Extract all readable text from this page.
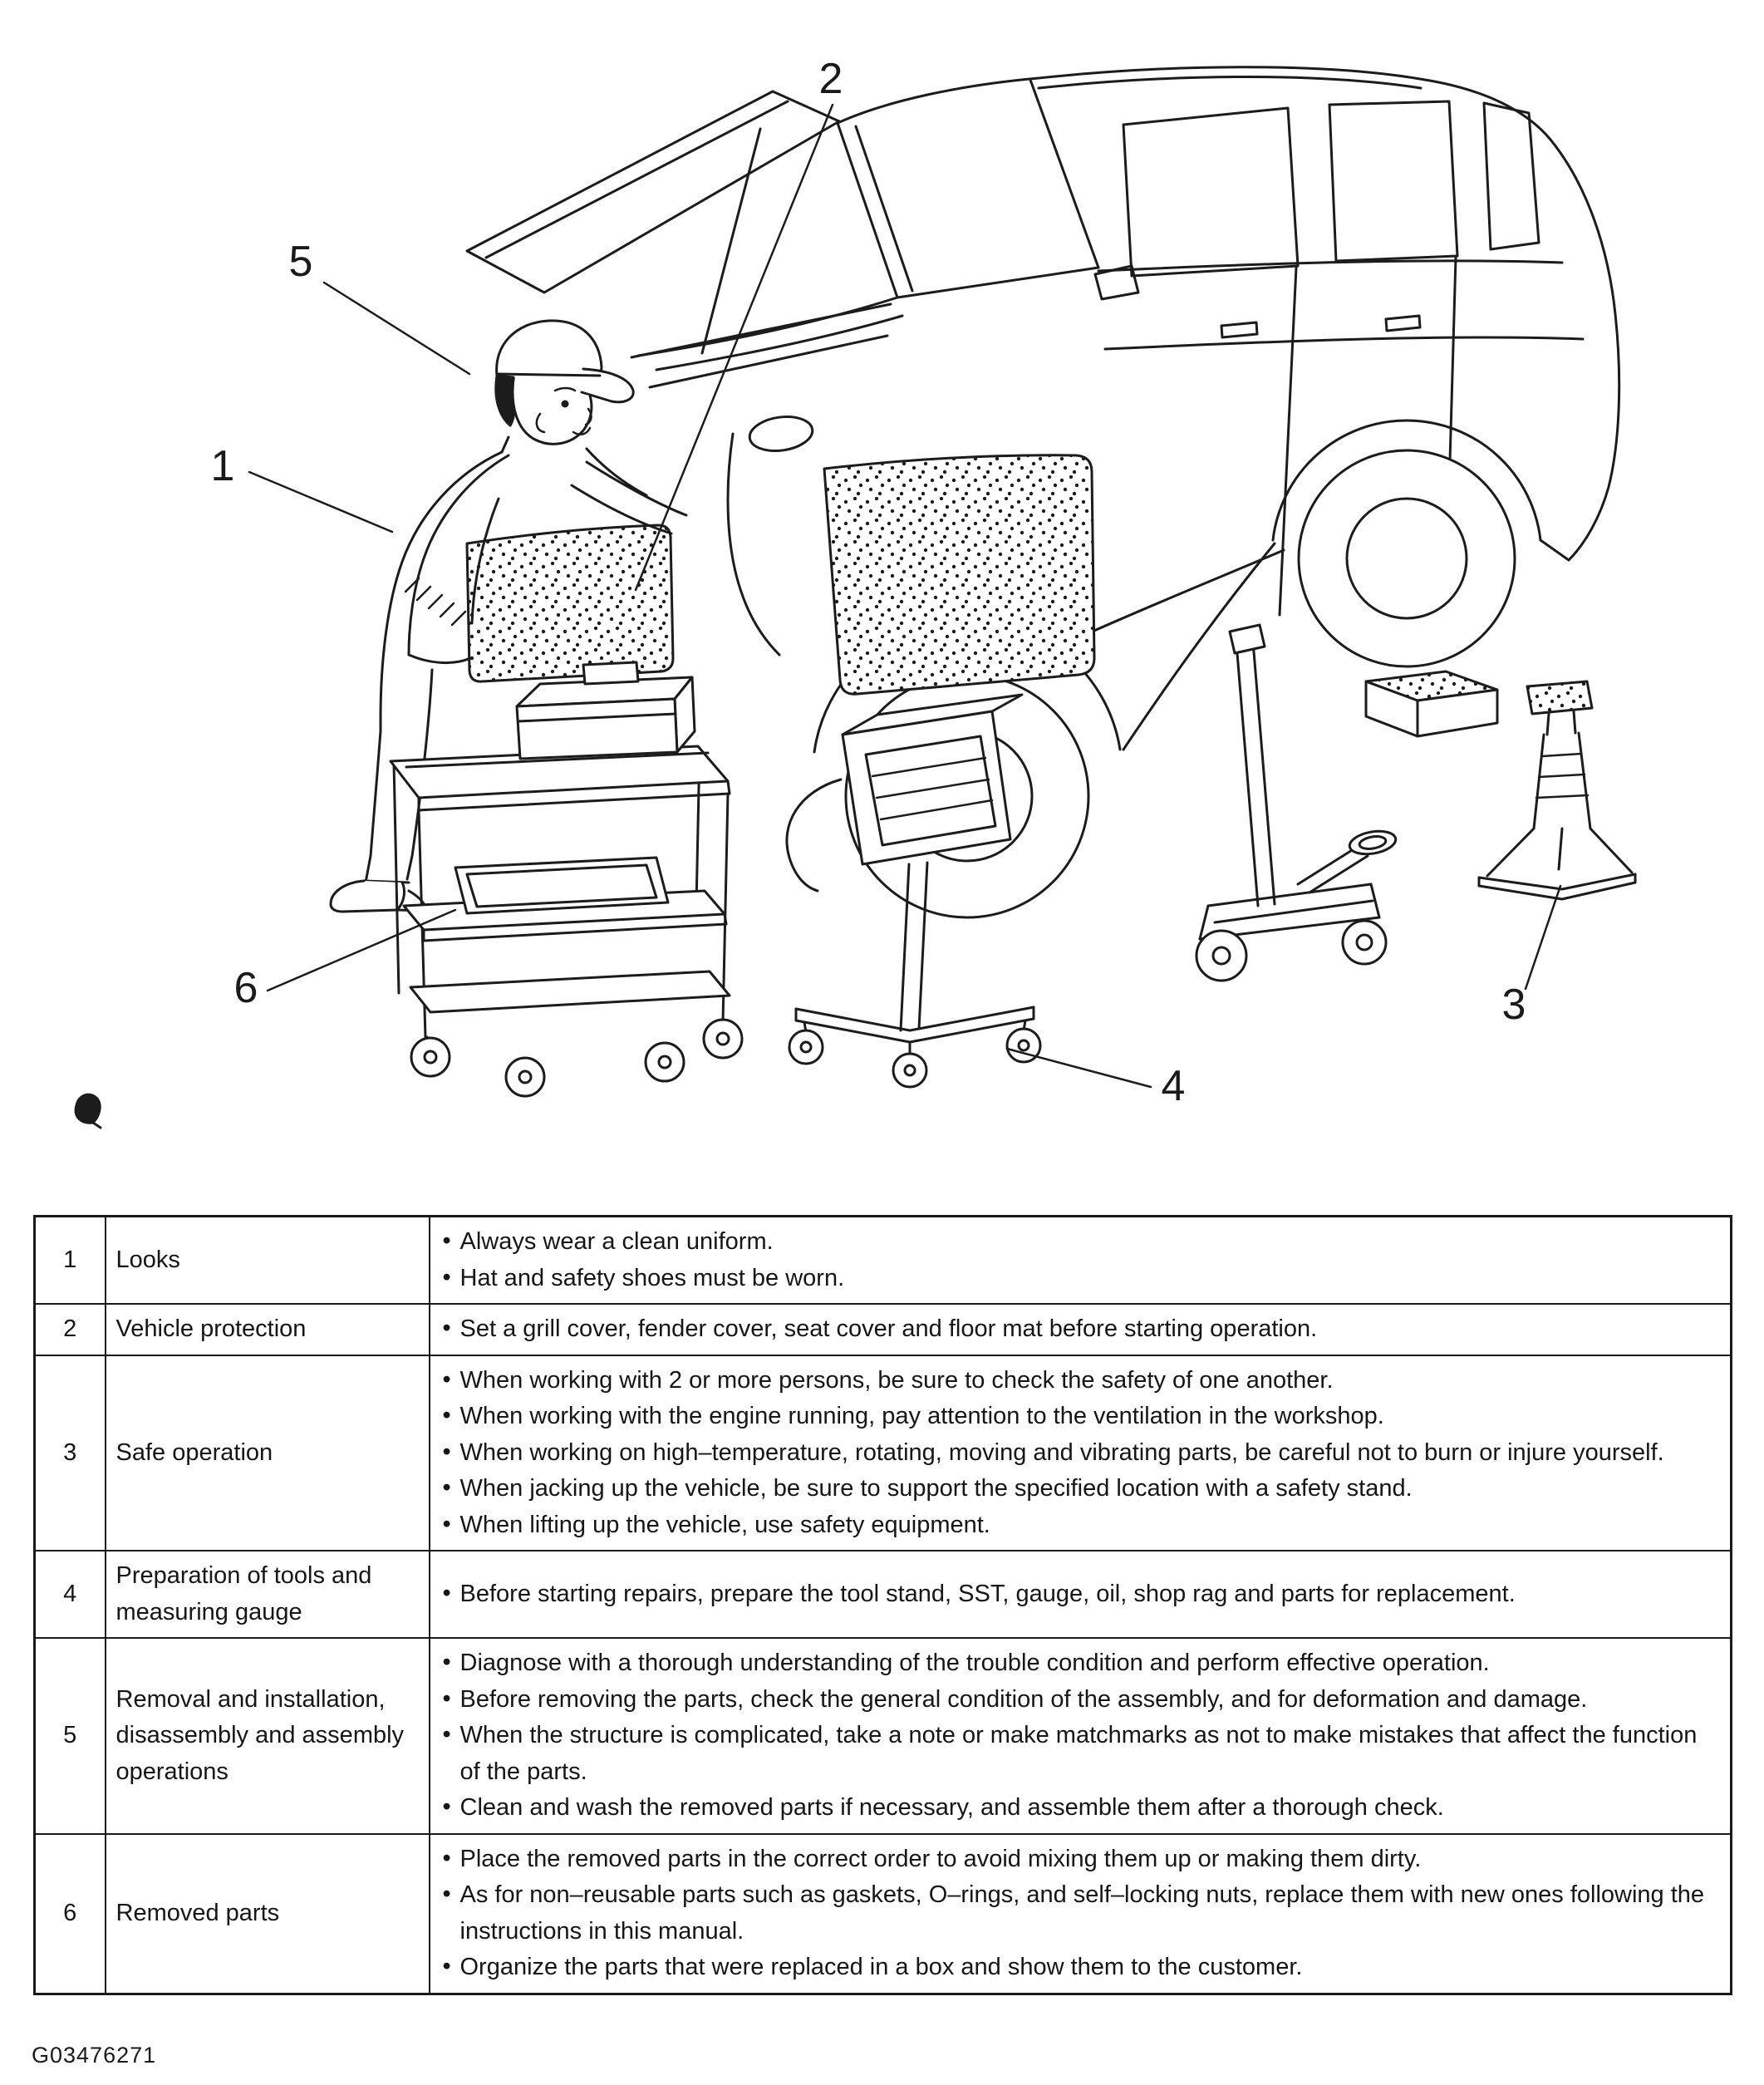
1
2
3
4
5
6
1	Looks	
• Always wear a clean uniform.
• Hat and safety shoes must be worn.

2	Vehicle protection	
•Set a grill cover, fender cover, seat cover and floor mat before starting operation.

3	Safe operation	
• When working with 2 or more persons, be sure to check the safety of one another.
• When working with the engine running, pay attention to the ventilation in the workshop.
• When working on high–temperature, rotating, moving and vibrating parts, be careful not to burn or injure yourself.
• When jacking up the vehicle, be sure to support the specified location with a safety stand.
• When lifting up the vehicle, use safety equipment.

4	Preparation of tools and measuring gauge	
• Before starting repairs, prepare the tool stand, SST, gauge, oil, shop rag and parts for replacement.

5	Removal and installation, disassembly and assembly operations	
• Diagnose with a thorough understanding of the trouble condition and perform effective operation.
• Before removing the parts, check the general condition of the assembly, and for deformation and damage.
• When the structure is complicated, take a note or make matchmarks as not to make mistakes that affect the function of the parts.
• Clean and wash the removed parts if necessary, and assemble them after a thorough check.

6	Removed parts	
• Place the removed parts in the correct order to avoid mixing them up or making them dirty.
• As for non–reusable parts such as gaskets, O–rings, and self–locking nuts, replace them with new ones following the instructions in this manual.
• Organize the parts that were replaced in a box and show them to the customer.
G03476271
